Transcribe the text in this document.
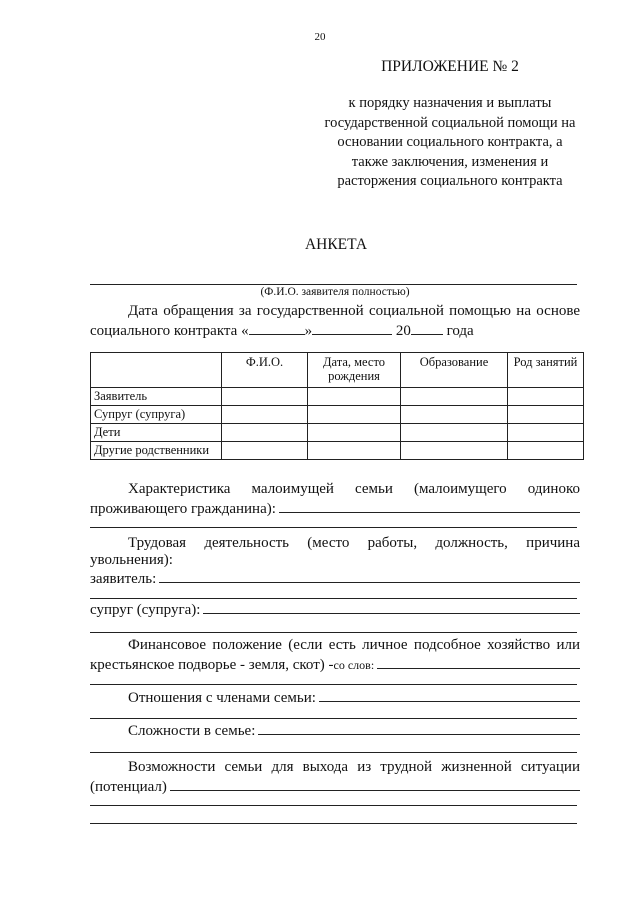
20
ПРИЛОЖЕНИЕ № 2
к порядку назначения и выплаты
государственной социальной помощи на
основании социального контракта, а
также заключения, изменения и
расторжения социального контракта
АНКЕТА
(Ф.И.О. заявителя полностью)
Дата обращения за государственной социальной помощью на основе
социального контракта «	»	20 года
	Ф.И.О.	Дата, место рождения	Образование	Род занятий
Заявитель				
Супруг (супруга)				
Дети				
Другие родственники				
Характеристика малоимущей семьи (малоимущего одиноко
проживающего гражданина):
Трудовая деятельность (место работы, должность, причина
увольнения):
заявитель:
супруг (супруга):
Финансовое положение (если есть личное подсобное хозяйство или
крестьянское подворье - земля, скот) - со слов:
Отношения с членами семьи:
Сложности в семье:
Возможности семьи для выхода из трудной жизненной ситуации
(потенциал)
